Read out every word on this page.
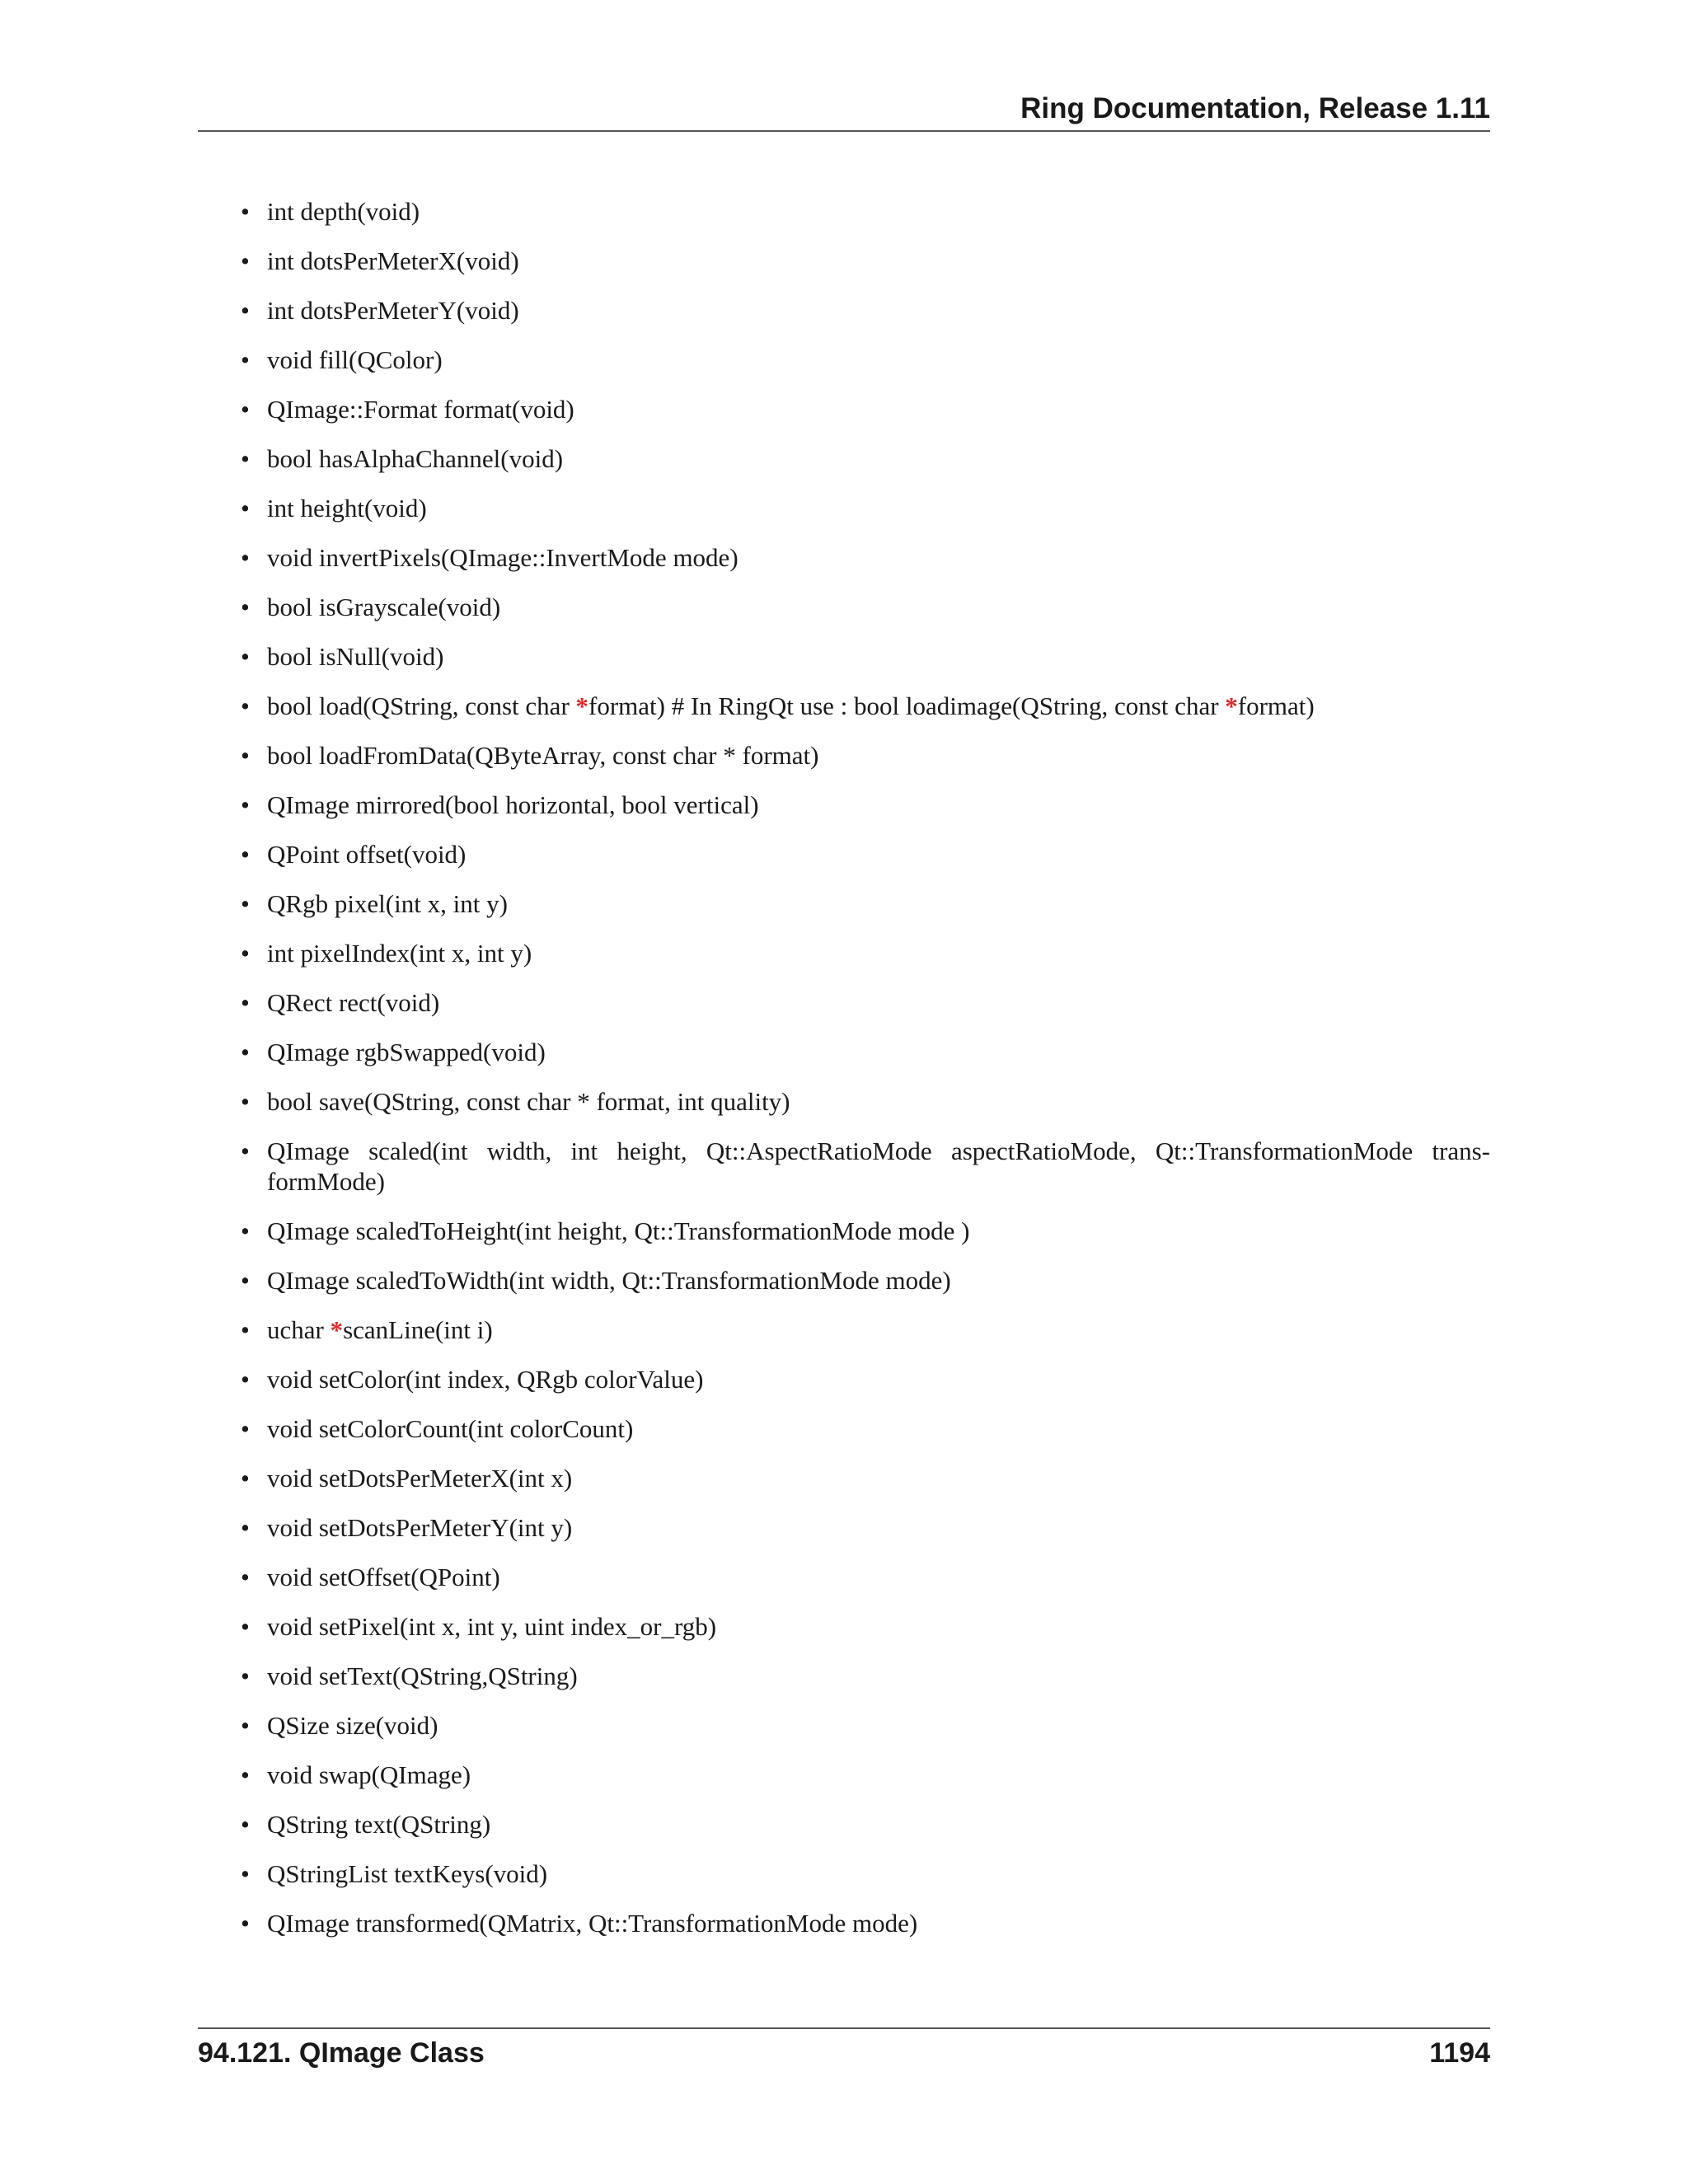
Ring Documentation, Release 1.11
• int depth(void)
• int dotsPerMeterX(void)
• int dotsPerMeterY(void)
• void fill(QColor)
• QImage::Format format(void)
• bool hasAlphaChannel(void)
• int height(void)
• void invertPixels(QImage::InvertMode mode)
• bool isGrayscale(void)
• bool isNull(void)
• bool load(QString, const char *format) # In RingQt use : bool loadimage(QString, const char *format)
• bool loadFromData(QByteArray, const char * format)
• QImage mirrored(bool horizontal, bool vertical)
• QPoint offset(void)
• QRgb pixel(int x, int y)
• int pixelIndex(int x, int y)
• QRect rect(void)
• QImage rgbSwapped(void)
• bool save(QString, const char * format, int quality)
• QImage scaled(int width, int height, Qt::AspectRatioMode aspectRatioMode, Qt::TransformationMode trans-formMode)
• QImage scaledToHeight(int height, Qt::TransformationMode mode )
• QImage scaledToWidth(int width, Qt::TransformationMode mode)
• uchar *scanLine(int i)
• void setColor(int index, QRgb colorValue)
• void setColorCount(int colorCount)
• void setDotsPerMeterX(int x)
• void setDotsPerMeterY(int y)
• void setOffset(QPoint)
• void setPixel(int x, int y, uint index_or_rgb)
• void setText(QString,QString)
• QSize size(void)
• void swap(QImage)
• QString text(QString)
• QStringList textKeys(void)
• QImage transformed(QMatrix, Qt::TransformationMode mode)
94.121. QImage Class	1194
